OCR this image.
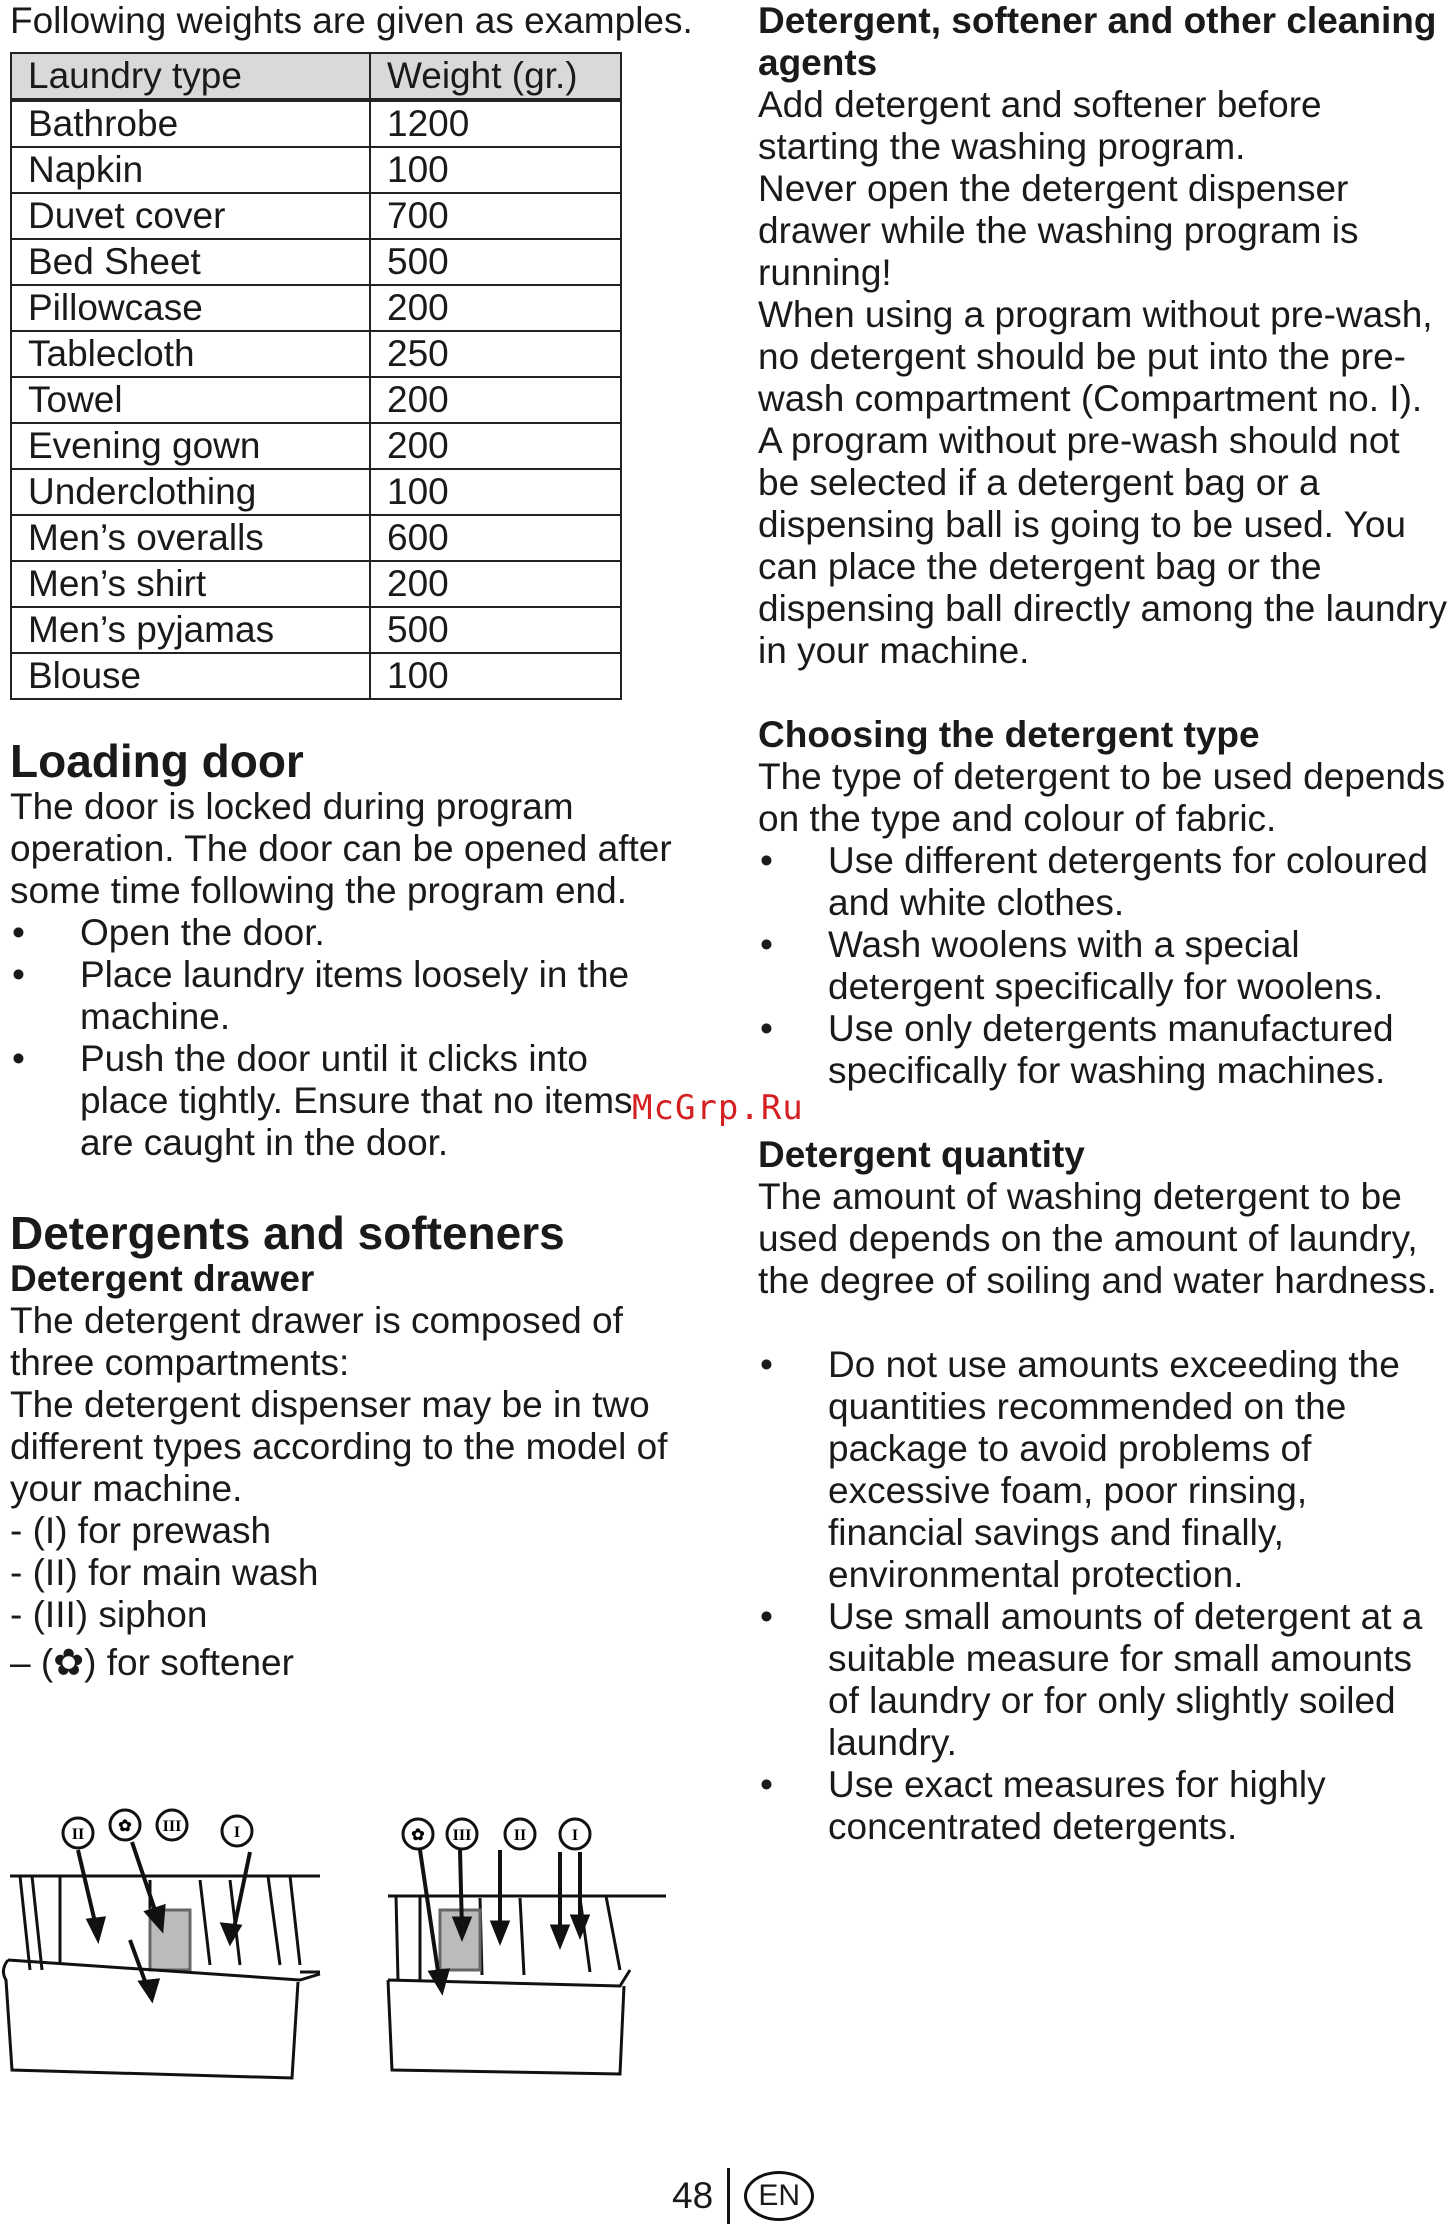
Following weights are given as examples.

Laundry type	Weight (gr.)
Bathrobe	1200
Napkin	100
Duvet cover	700
Bed Sheet	500
Pillowcase	200
Tablecloth	250
Towel	200
Evening gown	200
Underclothing	100
Men’s overalls	600
Men’s shirt	200
Men’s pyjamas	500
Blouse	100
Loading door

The door is locked during program operation. The door can be opened after some time following the program end.

•	Open the door.
•	Place laundry items loosely in the machine.
•	Push the door until it clicks into place tightly. Ensure that no items are caught in the door.
Detergents and softeners
Detergent drawer

The detergent drawer is composed of three compartments:

The detergent dispenser may be in two different types according to the model of your machine.

- (I) for prewash

- (II) for main wash

- (III) siphon

– (✿) for softener

II ✿ III	I	✿ III	II	I
Detergent, softener and other cleaning agents

Add detergent and softener before starting the washing program.

Never open the detergent dispenser drawer while the washing program is running!

When using a program without pre-wash, no detergent should be put into the pre-wash compartment (Compartment no. I).

A program without pre-wash should not be selected if a detergent bag or a dispensing ball is going to be used. You can place the detergent bag or the dispensing ball directly among the laundry in your machine.

Choosing the detergent type

The type of detergent to be used depends on the type and colour of fabric.

•	Use different detergents for coloured and white clothes.
•	Wash woolens with a special detergent specifically for woolens.
•	Use only detergents manufactured specifically for washing machines.
Detergent quantity

The amount of washing detergent to be used depends on the amount of laundry, the degree of soiling and water hardness.

•	Do not use amounts exceeding the quantities recommended on the package to avoid problems of excessive foam, poor rinsing, financial savings and finally, environmental protection.
•	Use small amounts of detergent at a suitable measure for small amounts of laundry or for only slightly soiled laundry.
•	Use exact measures for highly concentrated detergents.
McGrp.Ru
48	EN
